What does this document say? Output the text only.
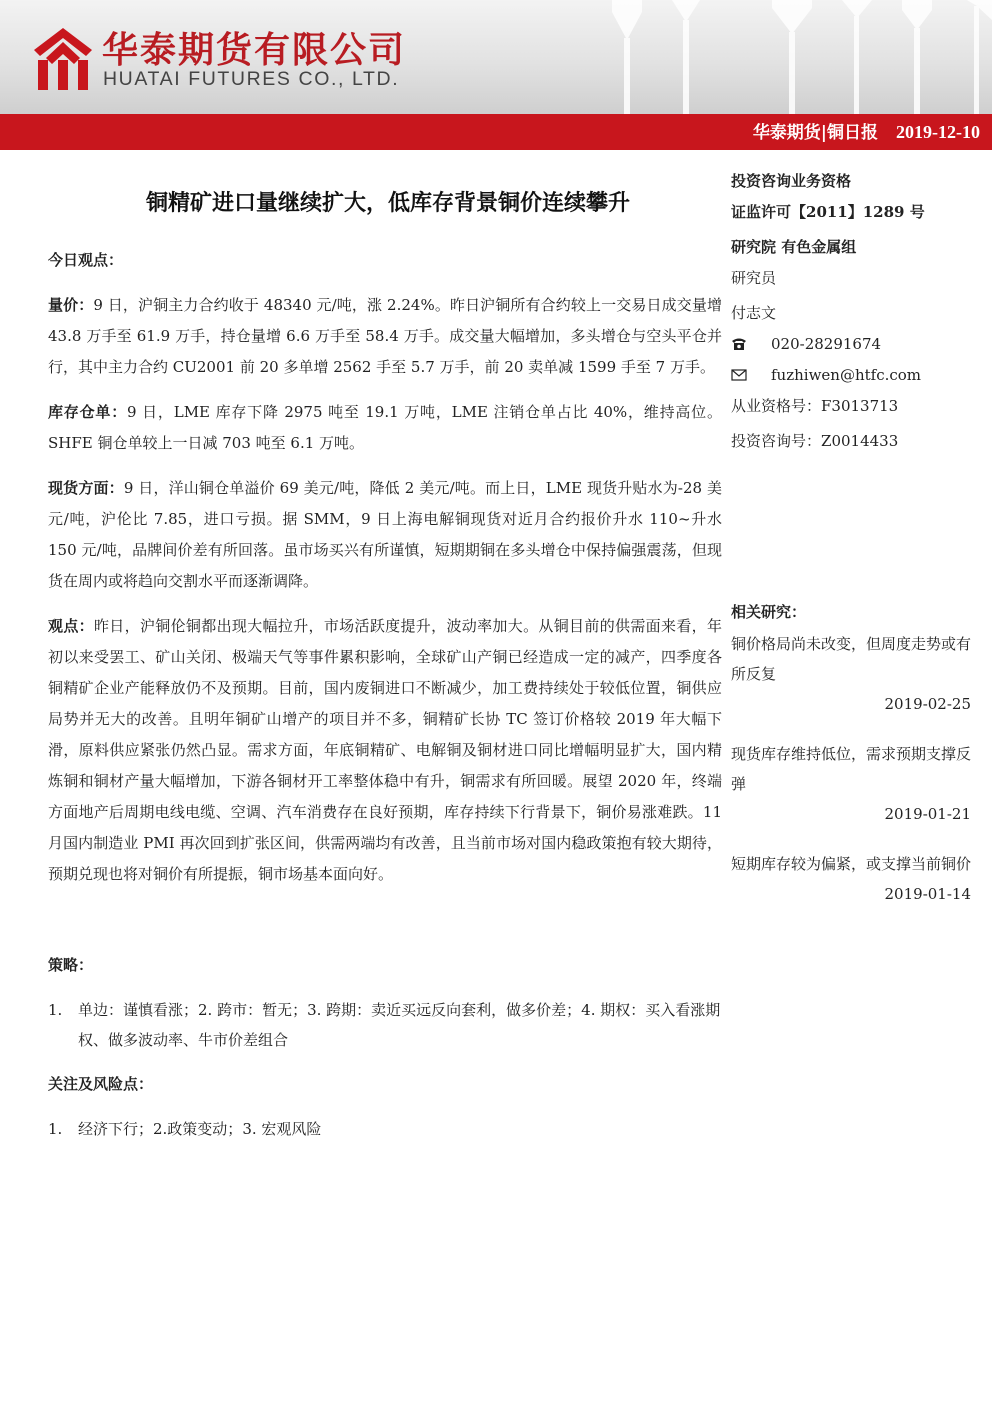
华泰期货有限公司
HUATAI FUTURES CO., LTD.
华泰期货|铜日报 2019-12-10
铜精矿进口量继续扩大，低库存背景铜价连续攀升
今日观点：

量价：9 日，沪铜主力合约收于 48340 元/吨，涨 2.24%。昨日沪铜所有合约较上一交易日成交量增 43.8 万手至 61.9 万手，持仓量增 6.6 万手至 58.4 万手。成交量大幅增加，多头增仓与空头平仓并行，其中主力合约 CU2001 前 20 多单增 2562 手至 5.7 万手，前 20 卖单减 1599 手至 7 万手。

库存仓单：9 日，LME 库存下降 2975 吨至 19.1 万吨，LME 注销仓单占比 40%，维持高位。SHFE 铜仓单较上一日减 703 吨至 6.1 万吨。

现货方面：9 日，洋山铜仓单溢价 69 美元/吨，降低 2 美元/吨。而上日，LME 现货升贴水为-28 美元/吨，沪伦比 7.85，进口亏损。据 SMM，9 日上海电解铜现货对近月合约报价升水 110~升水 150 元/吨，品牌间价差有所回落。虽市场买兴有所谨慎，短期期铜在多头增仓中保持偏强震荡，但现货在周内或将趋向交割水平而逐渐调降。

观点：昨日，沪铜伦铜都出现大幅拉升，市场活跃度提升，波动率加大。从铜目前的供需面来看，年初以来受罢工、矿山关闭、极端天气等事件累积影响，全球矿山产铜已经造成一定的减产，四季度各铜精矿企业产能释放仍不及预期。目前，国内废铜进口不断减少，加工费持续处于较低位置，铜供应局势并无大的改善。且明年铜矿山增产的项目并不多，铜精矿长协 TC 签订价格较 2019 年大幅下滑，原料供应紧张仍然凸显。需求方面，年底铜精矿、电解铜及铜材进口同比增幅明显扩大，国内精炼铜和铜材产量大幅增加，下游各铜材开工率整体稳中有升，铜需求有所回暖。展望 2020 年，终端方面地产后周期电线电缆、空调、汽车消费存在良好预期，库存持续下行背景下，铜价易涨难跌。11 月国内制造业 PMI 再次回到扩张区间，供需两端均有改善，且当前市场对国内稳政策抱有较大期待，预期兑现也将对铜价有所提振，铜市场基本面向好。

策略：
1. 单边：谨慎看涨；2. 跨市：暂无；3. 跨期：卖近买远反向套利，做多价差；4. 期权：买入看涨期权、做多波动率、牛市价差组合
关注及风险点：
1. 经济下行；2.政策变动；3. 宏观风险
投资咨询业务资格
证监许可【2011】1289 号
研究院 有色金属组
研究员
付志文
020-28291674
fuzhiwen@htfc.com
从业资格号：F3013713
投资咨询号：Z0014433
相关研究：
铜价格局尚未改变，但周度走势或有所反复
2019-02-25
现货库存维持低位，需求预期支撑反弹
2019-01-21
短期库存较为偏紧，或支撑当前铜价
2019-01-14
